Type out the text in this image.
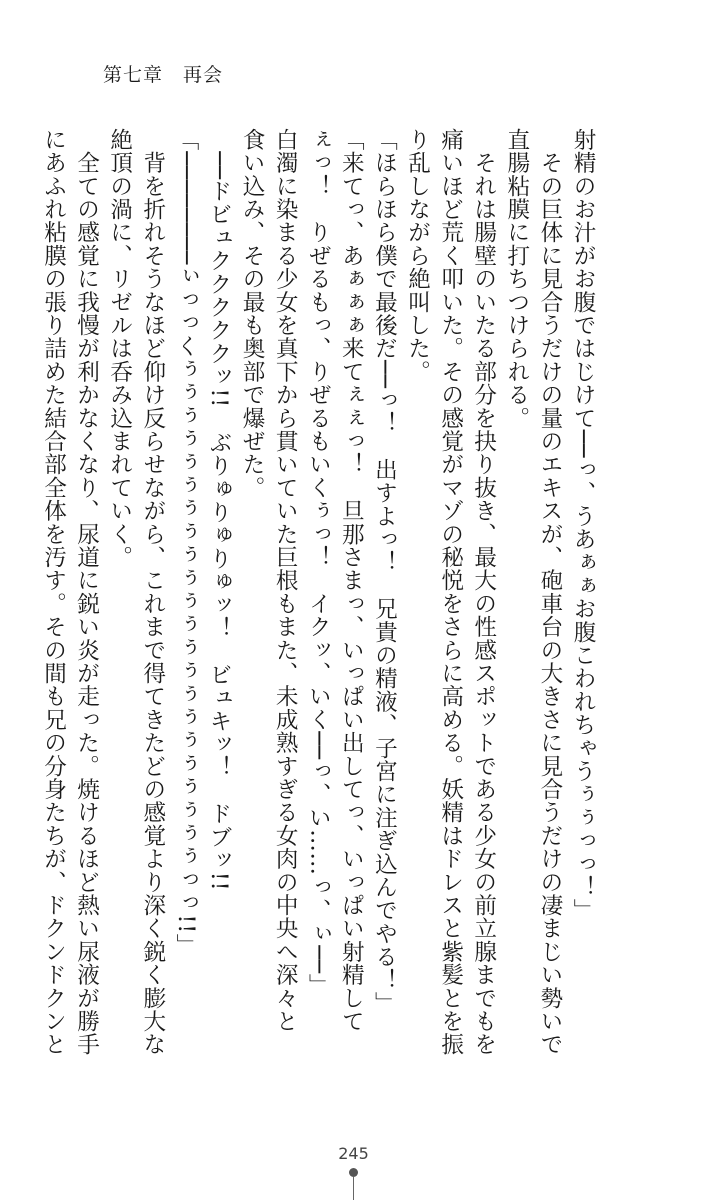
第七章 再会
射精のお汁がお腹ではじけて──っ、うあぁぁお腹こわれちゃうぅぅっっ！」
　その巨体に見合うだけの量のエキスが、砲車台の大きさに見合うだけの凄まじい勢いで
直腸粘膜に打ちつけられる。
　それは腸壁のいたる部分を抉り抜き、最大の性感スポットである少女の前立腺までもを
痛いほど荒く叩いた。その感覚がマゾの秘悦をさらに高める。妖精はドレスと紫髪とを振
り乱しながら絶叫した。
「ほらほら僕で最後だ──っ！　出すよっ！　兄貴の精液、子宮に注ぎ込んでやる！」
「来てっ、あぁぁぁ来てぇぇっ！　旦那さまっ、いっぱい出してっ、いっぱい射精して
ぇっ！　りぜるもっ、りぜるもいくぅっ！　イクッ、いく──っ、い……っ、ぃ──」
白濁に染まる少女を真下から貫いていた巨根もまた、未成熟すぎる女肉の中央へ深々と
食い込み、その最も奥部で爆ぜた。
　──ドビュクククククッ!!　ぶりゅりゅりゅッ！　ビュキッ！　ドブッ!!
「────────ぃっっくぅぅぅぅぅぅぅぅぅぅぅぅぅぅぅぅぅぅぅぅぅぅっっ!!」
　背を折れそうなほど仰け反らせながら、これまで得てきたどの感覚より深く鋭く膨大な
絶頂の渦に、リゼルは呑み込まれていく。
　全ての感覚に我慢が利かなくなり、尿道に鋭い炎が走った。焼けるほど熱い尿液が勝手
にあふれ粘膜の張り詰めた結合部全体を汚す。その間も兄の分身たちが、ドクンドクンと
245
